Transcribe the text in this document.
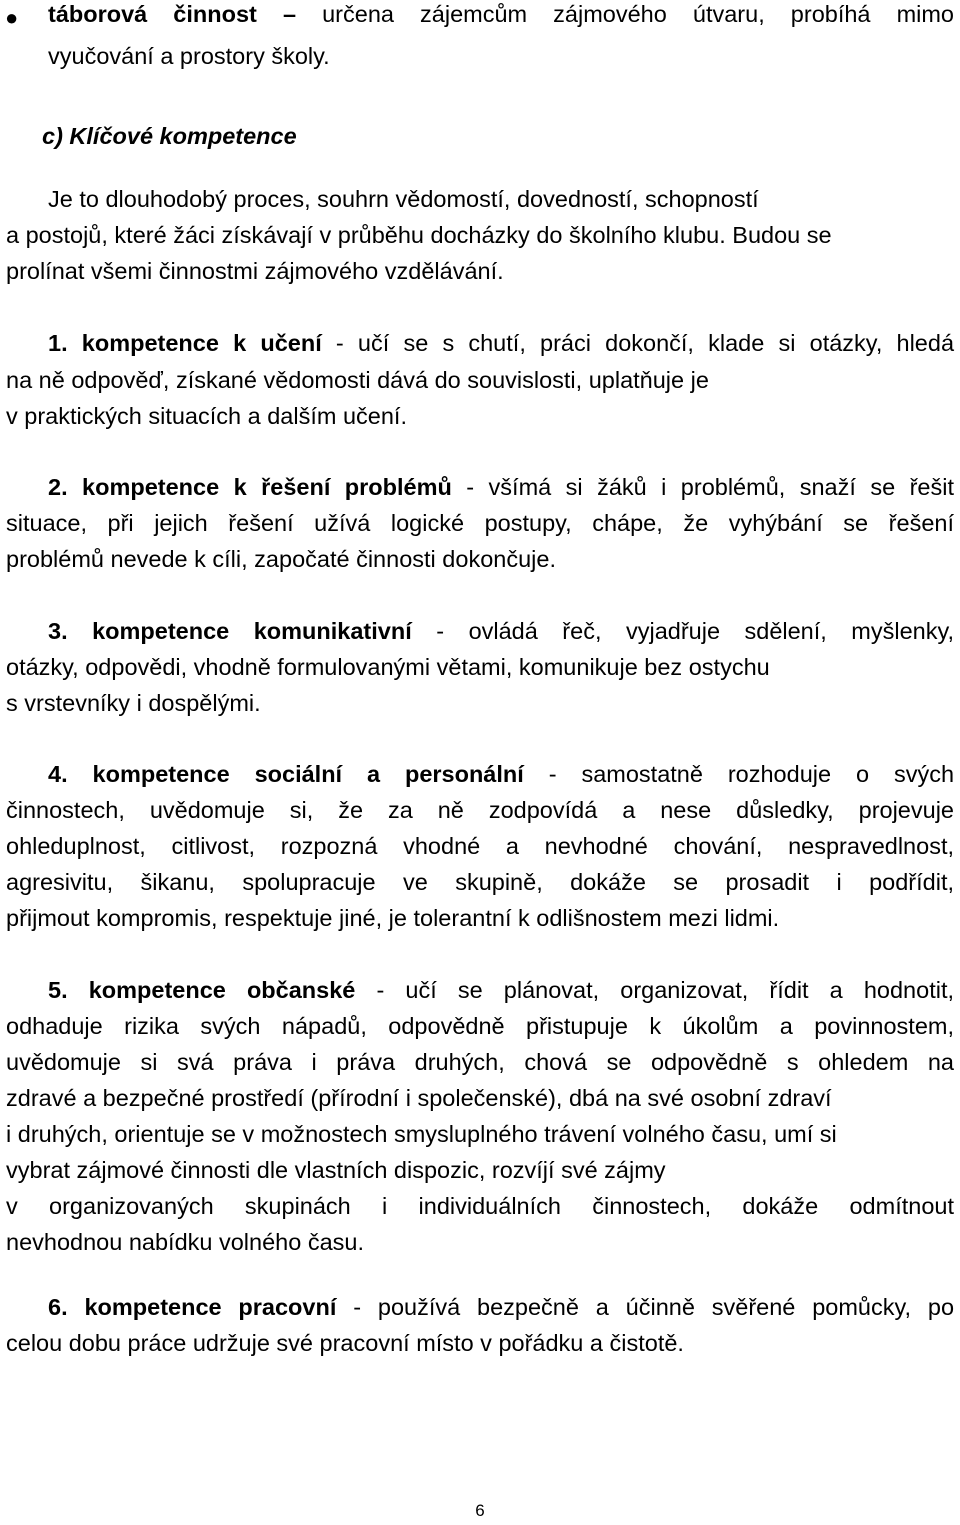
● táborová činnost – určena zájemcům zájmového útvaru, probíhá mimo
vyučování a prostory školy.
c) Klíčové kompetence
Je to dlouhodobý proces, souhrn vědomostí, dovedností, schopností
a postojů, které žáci získávají v průběhu docházky do školního klubu. Budou se
prolínat všemi činnostmi zájmového vzdělávání.
1. kompetence k učení - učí se s chutí, práci dokončí, klade si otázky, hledá
na ně odpověď, získané vědomosti dává do souvislosti, uplatňuje je
v praktických situacích a dalším učení.
2. kompetence k řešení problémů - všímá si žáků i problémů, snaží se řešit
situace, při jejich řešení užívá logické postupy, chápe, že vyhýbání se řešení
problémů nevede k cíli, započaté činnosti dokončuje.
3. kompetence komunikativní - ovládá řeč, vyjadřuje sdělení, myšlenky,
otázky, odpovědi, vhodně formulovanými větami, komunikuje bez ostychu
s vrstevníky i dospělými.
4. kompetence sociální a personální - samostatně rozhoduje o svých
činnostech, uvědomuje si, že za ně zodpovídá a nese důsledky, projevuje
ohleduplnost, citlivost, rozpozná vhodné a nevhodné chování, nespravedlnost,
agresivitu, šikanu, spolupracuje ve skupině, dokáže se prosadit i podřídit,
přijmout kompromis, respektuje jiné, je tolerantní k odlišnostem mezi lidmi.
5. kompetence občanské - učí se plánovat, organizovat, řídit a hodnotit,
odhaduje rizika svých nápadů, odpovědně přistupuje k úkolům a povinnostem,
uvědomuje si svá práva i práva druhých, chová se odpovědně s ohledem na
zdravé a bezpečné prostředí (přírodní i společenské), dbá na své osobní zdraví
i druhých, orientuje se v možnostech smysluplného trávení volného času, umí si
vybrat zájmové činnosti dle vlastních dispozic, rozvíjí své zájmy
v organizovaných skupinách i individuálních činnostech, dokáže odmítnout
nevhodnou nabídku volného času.
6. kompetence pracovní - používá bezpečně a účinně svěřené pomůcky, po
celou dobu práce udržuje své pracovní místo v pořádku a čistotě.
6
